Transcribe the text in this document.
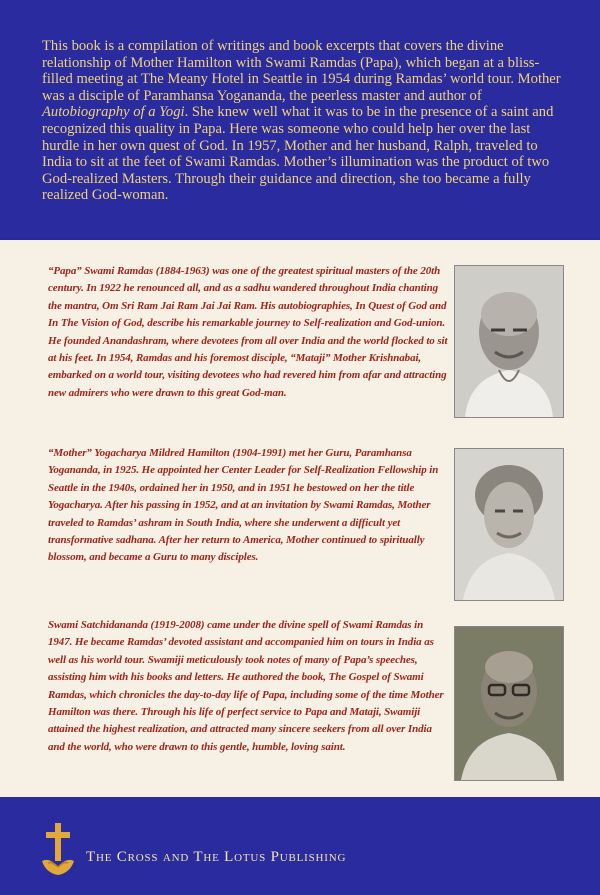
This book is a compilation of writings and book excerpts that covers the divine relationship of Mother Hamilton with Swami Ramdas (Papa), which began at a bliss-filled meeting at The Meany Hotel in Seattle in 1954 during Ramdas’ world tour. Mother was a disciple of Paramhansa Yogananda, the peerless master and author of Autobiography of a Yogi. She knew well what it was to be in the presence of a saint and recognized this quality in Papa. Here was someone who could help her over the last hurdle in her own quest of God. In 1957, Mother and her husband, Ralph, traveled to India to sit at the feet of Swami Ramdas. Mother’s illumination was the product of two God-realized Masters. Through their guidance and direction, she too became a fully realized God-woman.

“Papa” Swami Ramdas (1884-1963) was one of the greatest spiritual masters of the 20th century. In 1922 he renounced all, and as a sadhu wandered throughout India chanting the mantra, Om Sri Ram Jai Ram Jai Jai Ram. His autobiographies, In Quest of God and In The Vision of God, describe his remarkable journey to Self-realization and God-union. He founded Anandashram, where devotees from all over India and the world flocked to sit at his feet. In 1954, Ramdas and his foremost disciple, “Mataji” Mother Krishnabai, embarked on a world tour, visiting devotees who had revered him from afar and attracting new admirers who were drawn to this great God-man.
“Mother” Yogacharya Mildred Hamilton (1904-1991) met her Guru, Paramhansa Yogananda, in 1925. He appointed her Center Leader for Self-Realization Fellowship in Seattle in the 1940s, ordained her in 1950, and in 1951 he bestowed on her the title Yogacharya. After his passing in 1952, and at an invitation by Swami Ramdas, Mother traveled to Ramdas’ ashram in South India, where she underwent a difficult yet transformative sadhana. After her return to America, Mother continued to spiritually blossom, and became a Guru to many disciples.
Swami Satchidananda (1919-2008) came under the divine spell of Swami Ramdas in 1947. He became Ramdas’ devoted assistant and accompanied him on tours in India as well as his world tour. Swamiji meticulously took notes of many of Papa’s speeches, assisting him with his books and letters. He authored the book, The Gospel of Swami Ramdas, which chronicles the day-to-day life of Papa, including some of the time Mother Hamilton was there. Through his life of perfect service to Papa and Mataji, Swamiji attained the highest realization, and attracted many sincere seekers from all over India and the world, who were drawn to this gentle, humble, loving saint.
The Cross and The Lotus Publishing
